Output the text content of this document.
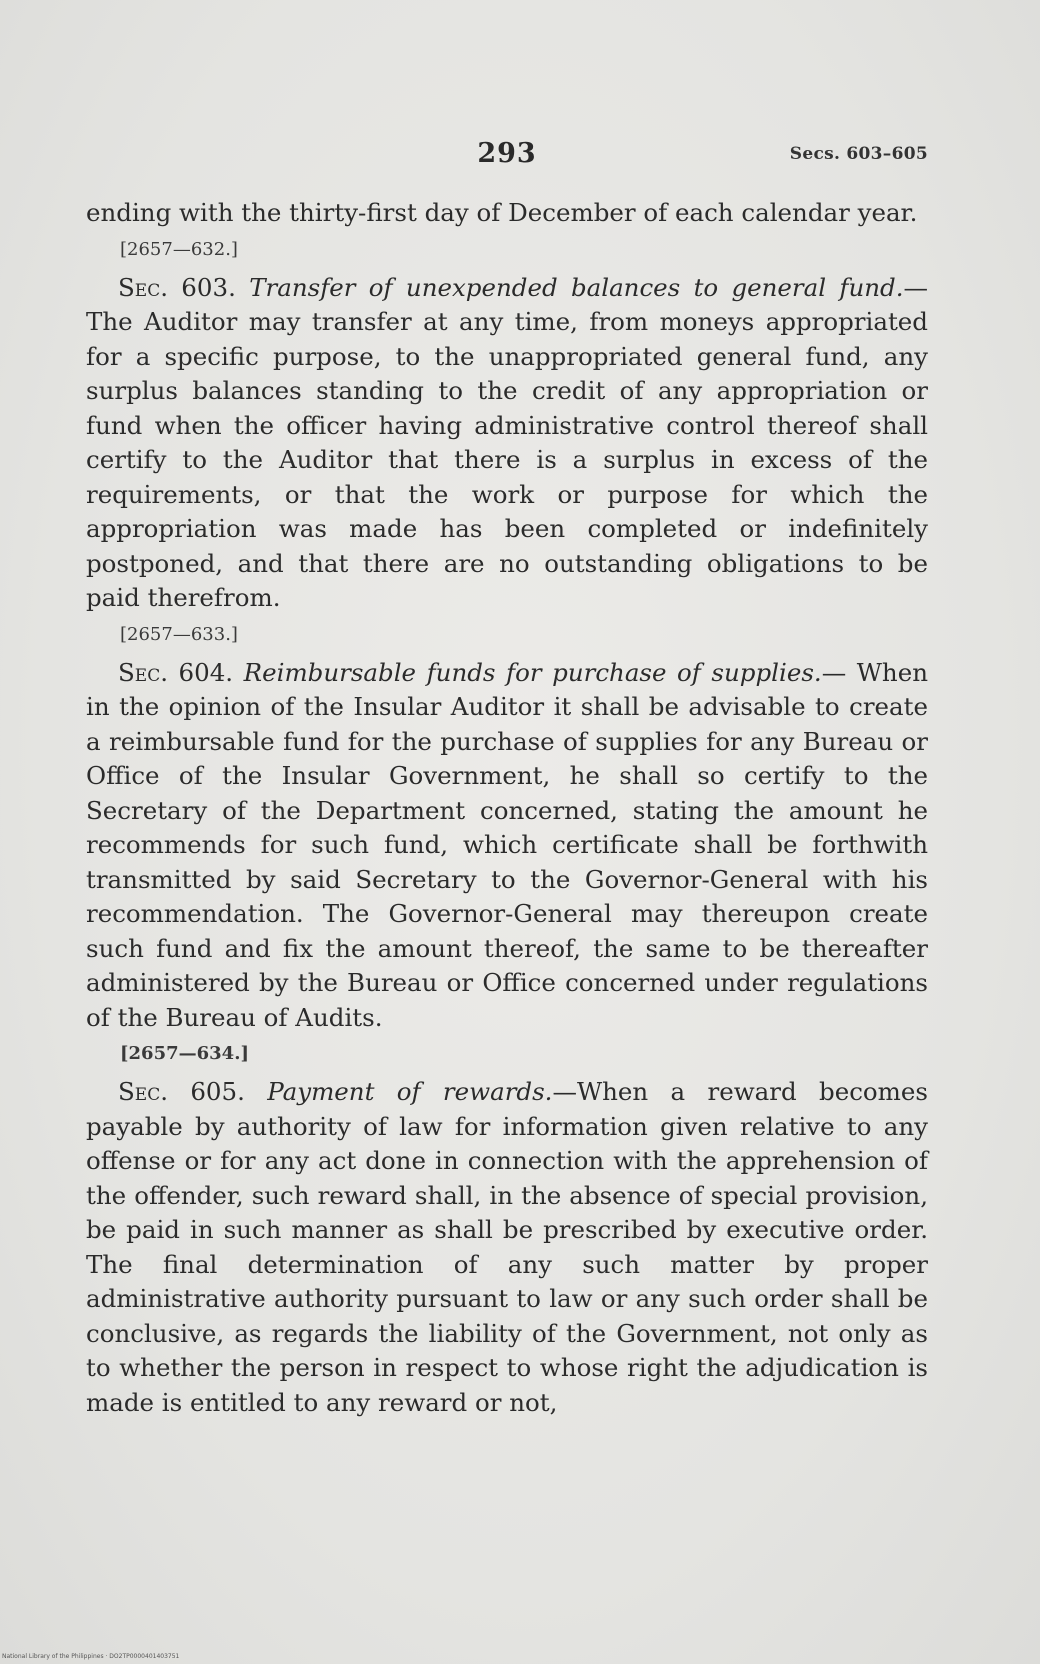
293	Secs. 603–605

ending with the thirty-first day of December of each calendar year.

[2657—632.]

Sec. 603. Transfer of unexpended balances to general fund.—The Auditor may transfer at any time, from moneys appropriated for a specific purpose, to the unappropriated general fund, any surplus balances standing to the credit of any appropriation or fund when the officer having administrative control thereof shall certify to the Auditor that there is a surplus in excess of the requirements, or that the work or purpose for which the appropriation was made has been completed or indefinitely postponed, and that there are no outstanding obligations to be paid therefrom.

[2657—633.]

Sec. 604. Reimbursable funds for purchase of supplies.— When in the opinion of the Insular Auditor it shall be advisable to create a reimbursable fund for the purchase of supplies for any Bureau or Office of the Insular Government, he shall so certify to the Secretary of the Department concerned, stating the amount he recommends for such fund, which certificate shall be forthwith transmitted by said Secretary to the Governor-General with his recommendation. The Governor-General may thereupon create such fund and fix the amount thereof, the same to be thereafter administered by the Bureau or Office concerned under regulations of the Bureau of Audits.

[2657—634.]

Sec. 605. Payment of rewards.—When a reward becomes payable by authority of law for information given relative to any offense or for any act done in connection with the apprehension of the offender, such reward shall, in the absence of special provision, be paid in such manner as shall be prescribed by executive order. The final determination of any such matter by proper administrative authority pursuant to law or any such order shall be conclusive, as regards the liability of the Government, not only as to whether the person in respect to whose right the adjudication is made is entitled to any reward or not,

National Library of the Philippines · DO2TP0000401403751
